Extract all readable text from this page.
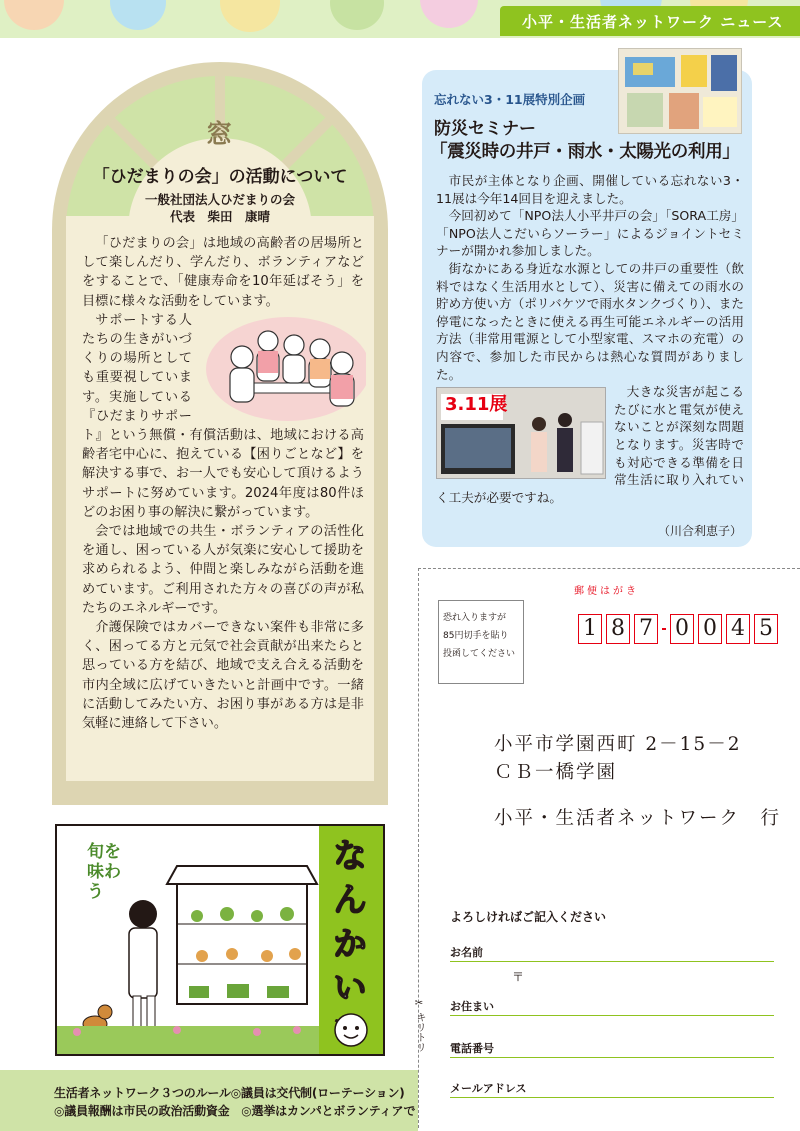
小平・生活者ネットワーク ニュース
窓
「ひだまりの会」の活動について
一般社団法人ひだまりの会
代表　柴田　康晴

「ひだまりの会」は地域の高齢者の居場所として楽しんだり、学んだり、ボランティアなどをすることで、「健康寿命を10年延ばそう」を目標に様々な活動をしています。

サポートする人たちの生きがいづくりの場所としても重要視しています。実施している『ひだまりサポート』という無償・有償活動は、地域における高齢者宅中心に、抱えている【困りごとなど】を解決する事で、お一人でも安心して頂けるようサポートに努めています。2024年度は80件ほどのお困り事の解決に繋がっています。

会では地域での共生・ボランティアの活性化を通し、困っている人が気楽に安心して援助を求められるよう、仲間と楽しみながら活動を進めています。ご利用された方々の喜びの声が私たちのエネルギーです。

介護保険ではカバーできない案件も非常に多く、困ってる方と元気で社会貢献が出来たらと思っている方を結び、地域で支え合える活動を市内全域に広げていきたいと計画中です。一緒に活動してみたい方、お困り事がある方は是非気軽に連絡して下さい。

忘れない3・11展特別企画
防災セミナー
「震災時の井戸・雨水・太陽光の利用」

市民が主体となり企画、開催している忘れない3・11展は今年14回目を迎えました。

今回初めて「NPO法人小平井戸の会」「SORA工房」「NPO法人こだいらソーラー」によるジョイントセミナーが開かれ参加しました。

街なかにある身近な水源としての井戸の重要性（飲料ではなく生活用水として）、災害に備えての雨水の貯め方使い方（ポリバケツで雨水タンクづくり）、また停電になったときに使える再生可能エネルギーの活用方法（非常用電源として小型家電、スマホの充電）の内容で、参加した市民からは熱心な質問がありました。

3.11展

大きな災害が起こるたびに水と電気が使えないことが深刻な問題となります。災害時でも対応できる準備を日常生活に取り入れていく工夫が必要ですね。

（川合利恵子）
郵便はがき
恐れ入りますが
85円切手を貼り
投函してください
1 8 7 0 0 4 5
小平市学園西町 2－15－2
ＣＢ一橋学園
小平・生活者ネットワーク　行
よろしければご記入ください
お名前
〒
お住まい
電話番号
メールアドレス
✂
キリトリ
旬を味わう
なんかい
生活者ネットワーク３つのルール◎議員は交代制(ローテーション)
◎議員報酬は市民の政治活動資金　◎選挙はカンパとボランティアで
